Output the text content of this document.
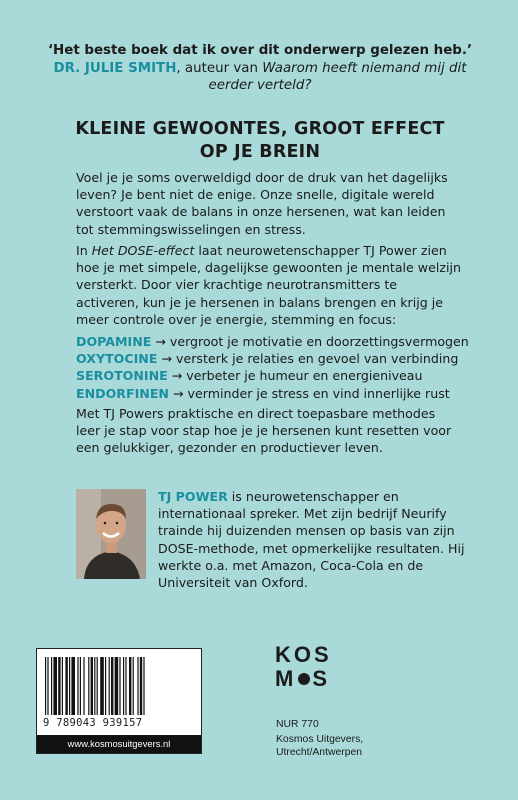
‘Het beste boek dat ik over dit onderwerp gelezen heb.’
DR. JULIE SMITH, auteur van Waarom heeft niemand mij dit eerder verteld?
KLEINE GEWOONTES, GROOT EFFECT
OP JE BREIN

Voel je je soms overweldigd door de druk van het dagelijks leven? Je bent niet de enige. Onze snelle, digitale wereld verstoort vaak de balans in onze hersenen, wat kan leiden tot stemmingswisselingen en stress.

In Het DOSE-effect laat neurowetenschapper TJ Power zien hoe je met simpele, dagelijkse gewoonten je mentale welzijn versterkt. Door vier krachtige neurotransmitters te activeren, kun je je hersenen in balans brengen en krijg je meer controle over je energie, stemming en focus:

DOPAMINE → vergroot je motivatie en doorzettingsvermogen
OXYTOCINE → versterk je relaties en gevoel van verbinding
SEROTONINE → verbeter je humeur en energieniveau
ENDORFINEN → verminder je stress en vind innerlijke rust

Met TJ Powers praktische en direct toepasbare methodes leer je stap voor stap hoe je je hersenen kunt resetten voor een gelukkiger, gezonder en productiever leven.

TJ POWER is neurowetenschapper en internationaal spreker. Met zijn bedrijf Neurify trainde hij duizenden mensen op basis van zijn DOSE-methode, met opmerkelijke resultaten. Hij werkte o.a. met Amazon, Coca-Cola en de Universiteit van Oxford.
9 789043 939157
www.kosmosuitgevers.nl
KOS
M S
NUR 770
Kosmos Uitgevers,
Utrecht/Antwerpen
